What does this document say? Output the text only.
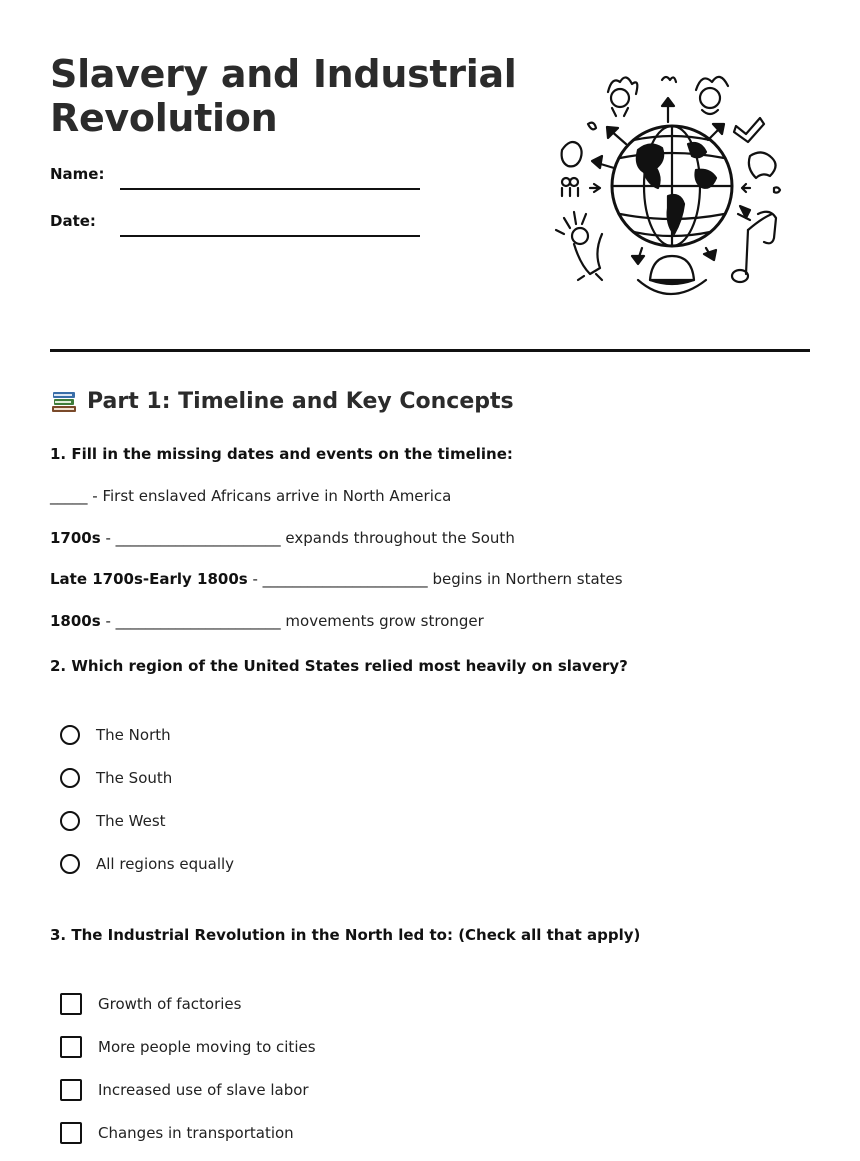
Slavery and Industrial Revolution
Name:
Date:
Part 1: Timeline and Key Concepts
1. Fill in the missing dates and events on the timeline:
_____ - First enslaved Africans arrive in North America
1700s - ______________________ expands throughout the South
Late 1700s-Early 1800s - ______________________ begins in Northern states
1800s - ______________________ movements grow stronger
2. Which region of the United States relied most heavily on slavery?
The North
The South
The West
All regions equally
3. The Industrial Revolution in the North led to: (Check all that apply)
Growth of factories
More people moving to cities
Increased use of slave labor
Changes in transportation
